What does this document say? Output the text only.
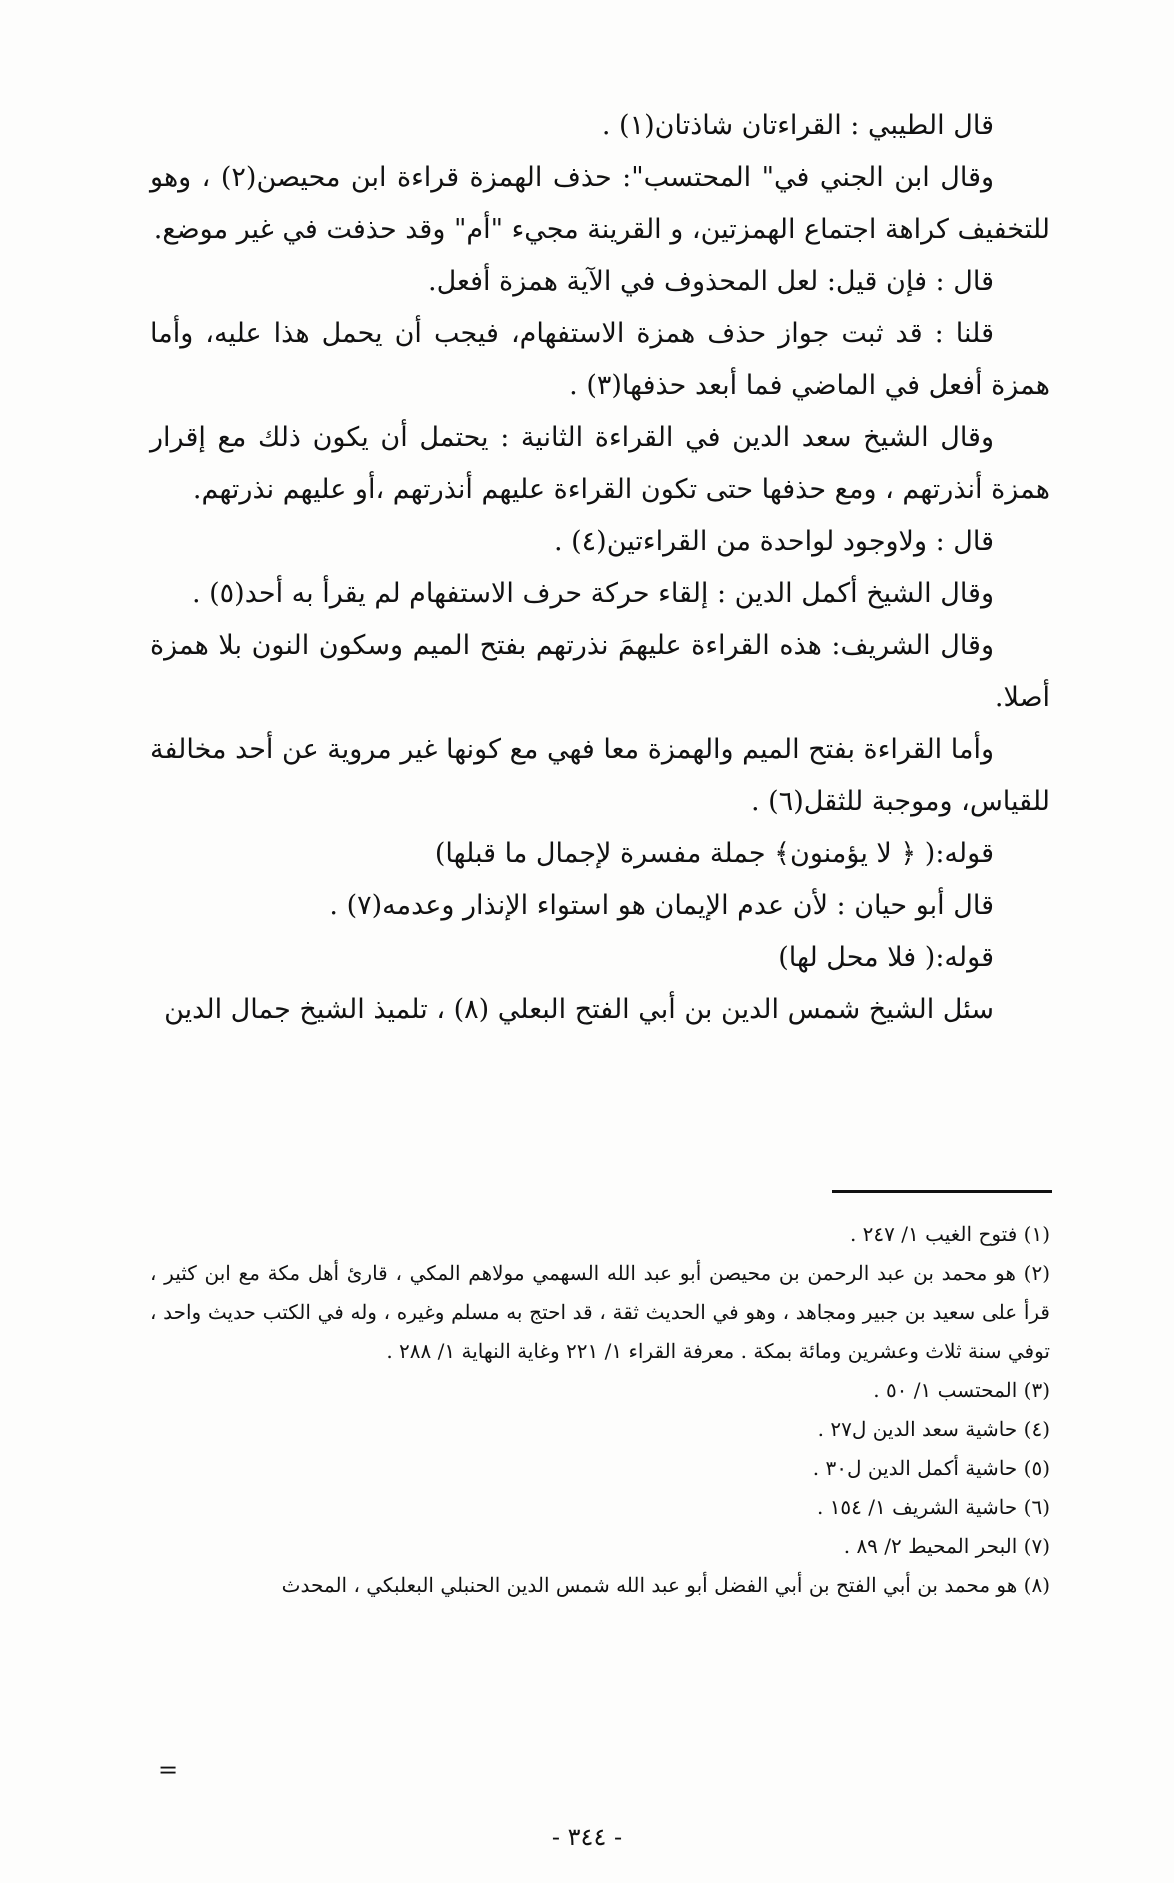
قال الطيبي : القراءتان شاذتان(١) .

وقال ابن الجني في" المحتسب": حذف الهمزة قراءة ابن محيصن(٢) ، وهو للتخفيف كراهة اجتماع الهمزتين، و القرينة مجيء "أم" وقد حذفت في غير موضع.

قال : فإن قيل: لعل المحذوف في الآية همزة أفعل.

قلنا : قد ثبت جواز حذف همزة الاستفهام، فيجب أن يحمل هذا عليه، وأما همزة أفعل في الماضي فما أبعد حذفها(٣) .

وقال الشيخ سعد الدين في القراءة الثانية : يحتمل أن يكون ذلك مع إقرار همزة أنذرتهم ، ومع حذفها حتى تكون القراءة عليهم أنذرتهم ،أو عليهم نذرتهم.

قال : ولاوجود لواحدة من القراءتين(٤) .

وقال الشيخ أكمل الدين : إلقاء حركة حرف الاستفهام لم يقرأ به أحد(٥) .

وقال الشريف: هذه القراءة عليهمَ نذرتهم بفتح الميم وسكون النون بلا همزة أصلا.

وأما القراءة بفتح الميم والهمزة معا فهي مع كونها غير مروية عن أحد مخالفة للقياس، وموجبة للثقل(٦) .

قوله:( ﴿ لا يؤمنون﴾ جملة مفسرة لإجمال ما قبلها)

قال أبو حيان : لأن عدم الإيمان هو استواء الإنذار وعدمه(٧) .

قوله:( فلا محل لها)

سئل الشيخ شمس الدين بن أبي الفتح البعلي (٨) ، تلميذ الشيخ جمال الدين

(١) فتوح الغيب ١/ ٢٤٧ .

(٢) هو محمد بن عبد الرحمن بن محيصن أبو عبد الله السهمي مولاهم المكي ، قارئ أهل مكة مع ابن كثير ، قرأ على سعيد بن جبير ومجاهد ، وهو في الحديث ثقة ، قد احتج به مسلم وغيره ، وله في الكتب حديث واحد ، توفي سنة ثلاث وعشرين ومائة بمكة . معرفة القراء ١/ ٢٢١ وغاية النهاية ١/ ٢٨٨ .

(٣) المحتسب ١/ ٥٠ .

(٤) حاشية سعد الدين ل٢٧ .

(٥) حاشية أكمل الدين ل٣٠ .

(٦) حاشية الشريف ١/ ١٥٤ .

(٧) البحر المحيط ٢/ ٨٩ .

(٨) هو محمد بن أبي الفتح بن أبي الفضل أبو عبد الله شمس الدين الحنبلي البعلبكي ، المحدث

=
- ٣٤٤ -
